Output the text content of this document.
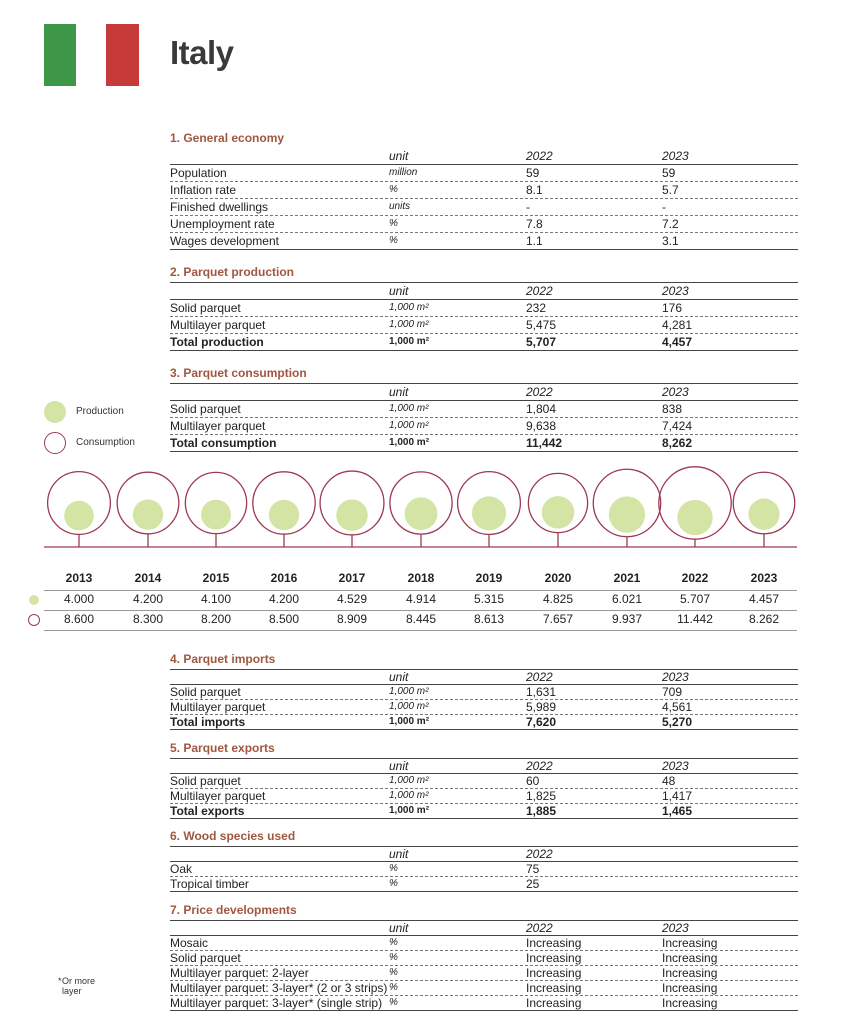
Italy
1. General economy
unit	2022	2023
Population	million	59	59
Inflation rate	%	8.1	5.7
Finished dwellings	units	-	-
Unemployment rate	%	7.8	7.2
Wages development	%	1.1	3.1
2. Parquet production
unit	2022	2023
Solid parquet	1,000 m²	232	176
Multilayer parquet	1,000 m²	5,475	4,281
Total production	1,000 m²	5,707	4,457
Production
Consumption
3. Parquet consumption
unit	2022	2023
Solid parquet	1,000 m²	1,804	838
Multilayer parquet	1,000 m²	9,638	7,424
Total consumption	1,000 m²	11,442	8,262
2013	2014	2015	2016	2017	2018	2019	2020	2021	2022	2023
4.000	4.200	4.100	4.200	4.529	4.914	5.315	4.825	6.021	5.707	4.457
8.600	8.300	8.200	8.500	8.909	8.445	8.613	7.657	9.937	11.442	8.262
4. Parquet imports
unit	2022	2023
Solid parquet	1,000 m²	1,631	709
Multilayer parquet	1,000 m²	5,989	4,561
Total imports	1,000 m²	7,620	5,270
5. Parquet exports
unit	2022	2023
Solid parquet	1,000 m²	60	48
Multilayer parquet	1,000 m²	1,825	1,417
Total exports	1,000 m²	1,885	1,465
6. Wood species used
unit	2022
Oak	%	75
Tropical timber	%	25
7. Price developments
unit	2022	2023
Mosaic	%	Increasing	Increasing
Solid parquet	%	Increasing	Increasing
Multilayer parquet: 2-layer	%	Increasing	Increasing
Multilayer parquet: 3-layer* (2 or 3 strips) %	Increasing	Increasing
Multilayer parquet: 3-layer* (single strip) %	Increasing	Increasing
* Or more
layer
